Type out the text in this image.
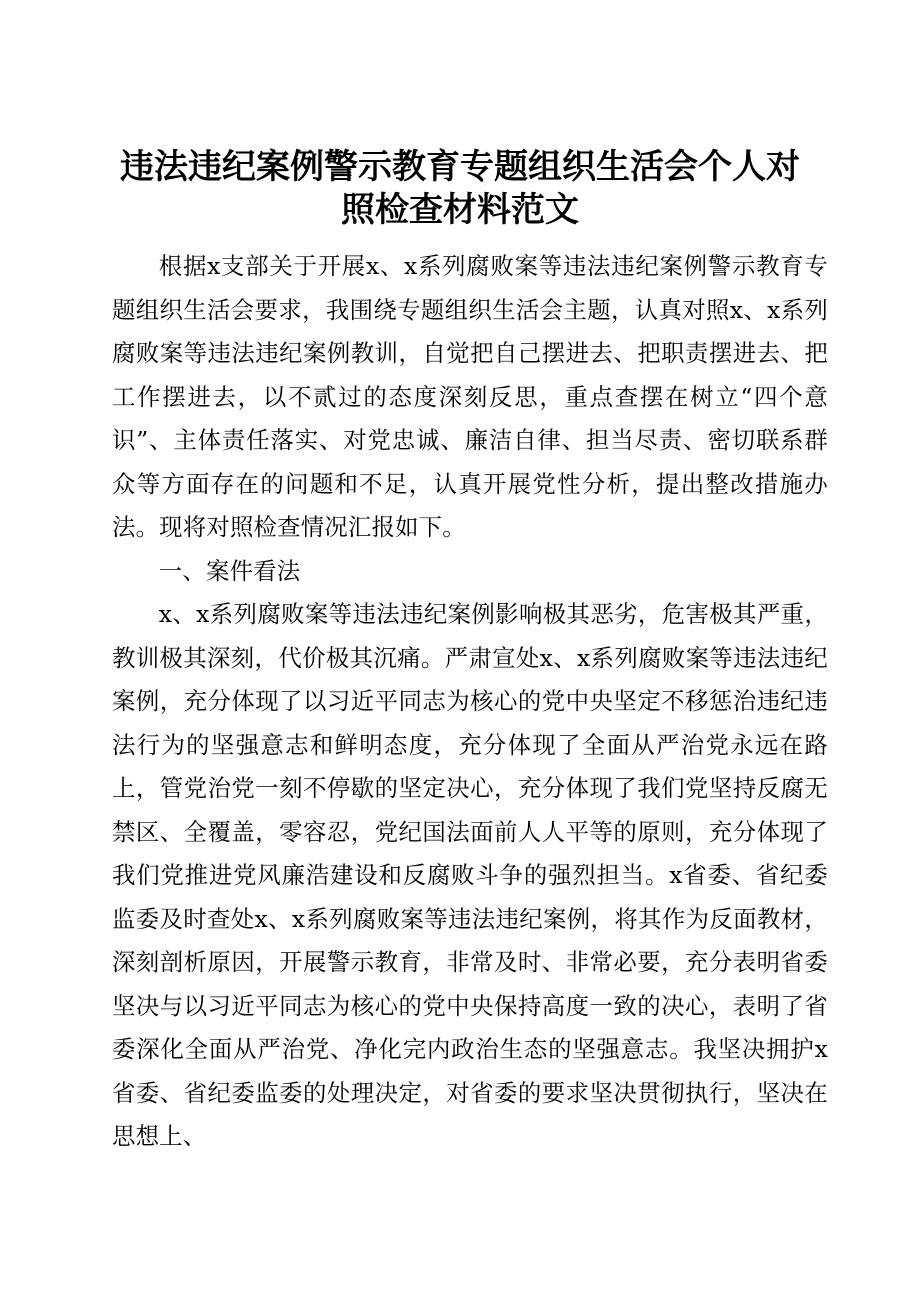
违法违纪案例警示教育专题组织生活会个人对
照检查材料范文

根据x支部关于开展x、x系列腐败案等违法违纪案例警示教育专题组织生活会要求，我围绕专题组织生活会主题，认真对照x、x系列腐败案等违法违纪案例教训，自觉把自己摆进去、把职责摆进去、把工作摆进去，以不贰过的态度深刻反思，重点查摆在树立“四个意识”、主体责任落实、对党忠诚、廉洁自律、担当尽责、密切联系群众等方面存在的问题和不足，认真开展党性分析，提出整改措施办法。现将对照检查情况汇报如下。

一、案件看法

x、x系列腐败案等违法违纪案例影响极其恶劣，危害极其严重，教训极其深刻，代价极其沉痛。严肃宣处x、x系列腐败案等违法违纪案例，充分体现了以习近平同志为核心的党中央坚定不移惩治违纪违法行为的坚强意志和鲜明态度，充分体现了全面从严治党永远在路上，管党治党一刻不停歇的坚定决心，充分体现了我们党坚持反腐无禁区、全覆盖，零容忍，党纪国法面前人人平等的原则，充分体现了我们党推进党风廉浩建设和反腐败斗争的强烈担当。x省委、省纪委监委及时查处x、x系列腐败案等违法违纪案例，将其作为反面教材，深刻剖析原因，开展警示教育，非常及时、非常必要，充分表明省委坚决与以习近平同志为核心的党中央保持高度一致的决心，表明了省委深化全面从严治党、净化完内政治生态的坚强意志。我坚决拥护x省委、省纪委监委的处理决定，对省委的要求坚决贯彻执行，坚决在思想上、
